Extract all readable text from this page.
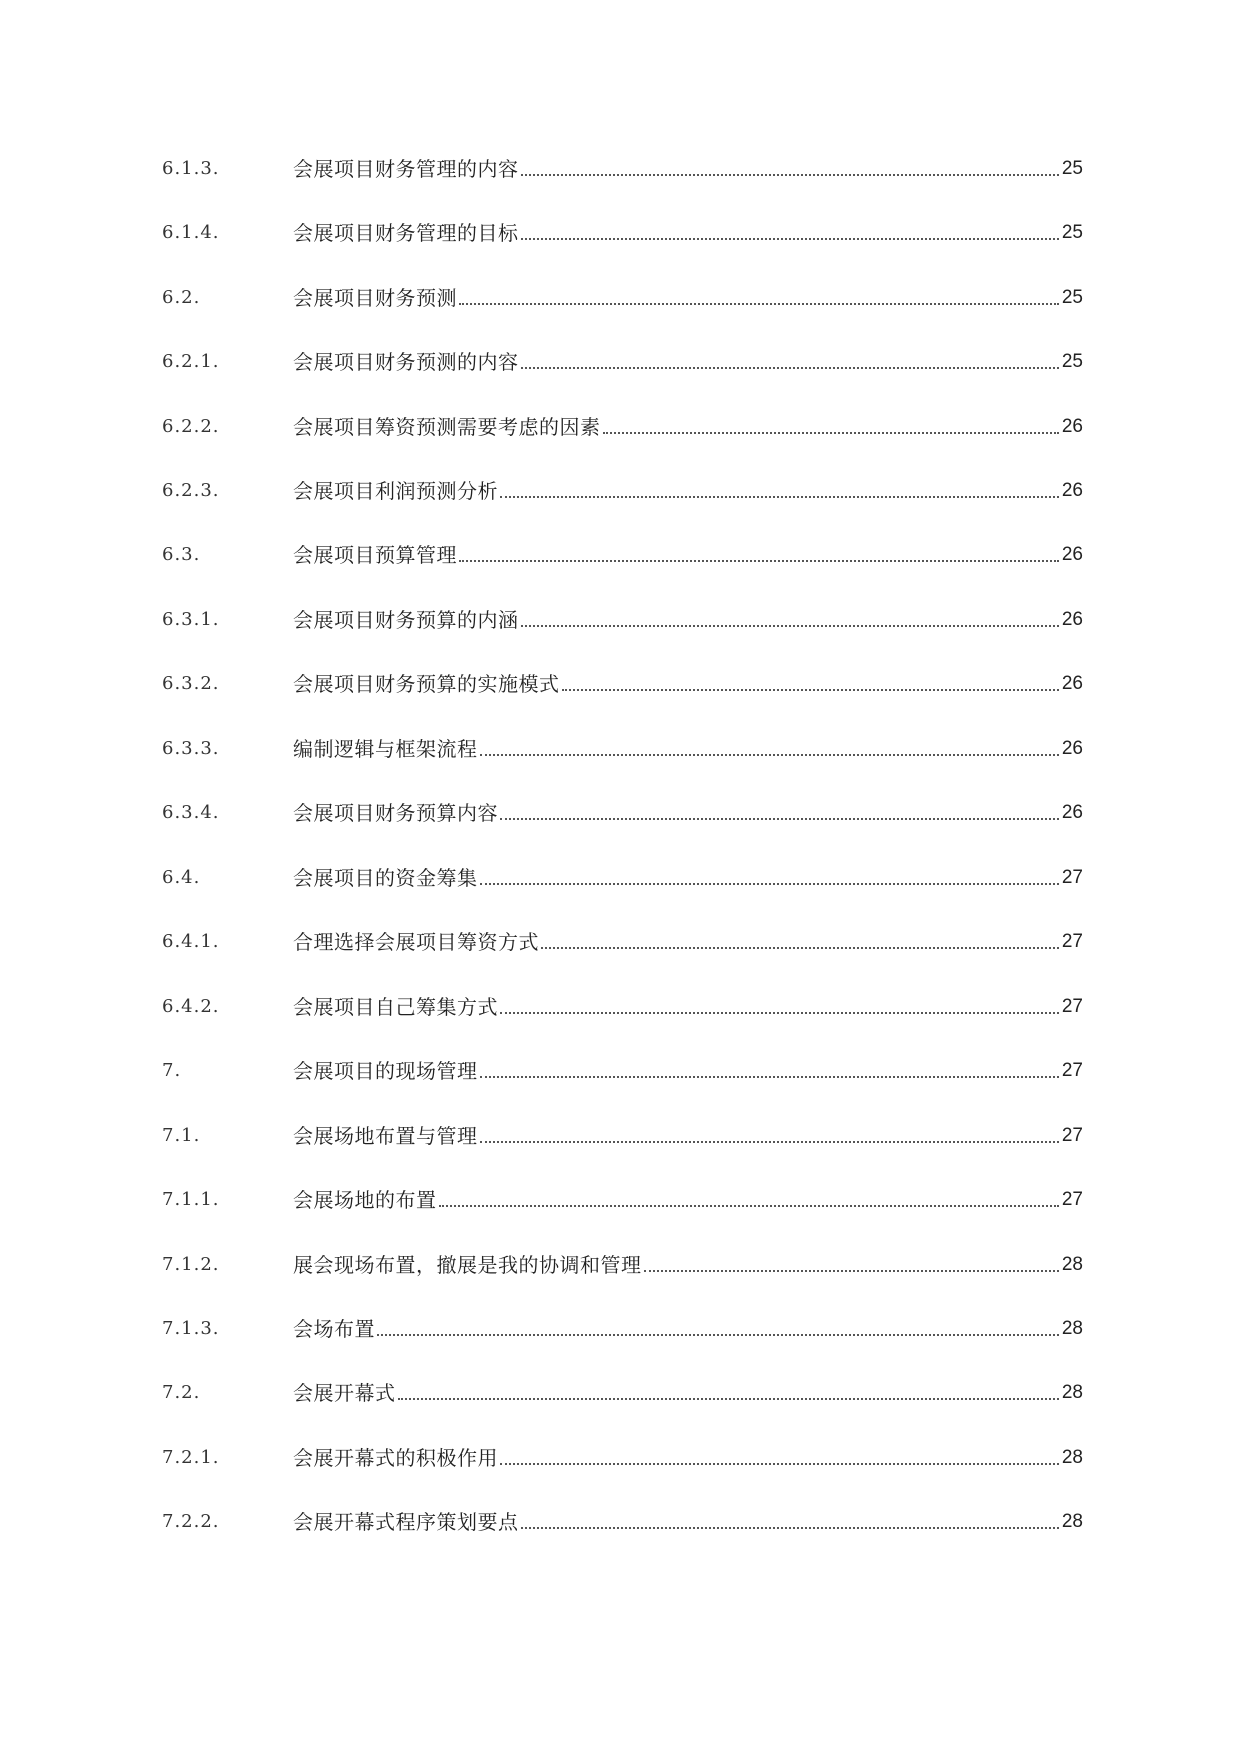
6.1.3.	会展项目财务管理的内容	25
6.1.4.	会展项目财务管理的目标	25
6.2.	会展项目财务预测	25
6.2.1.	会展项目财务预测的内容	25
6.2.2.	会展项目筹资预测需要考虑的因素	26
6.2.3.	会展项目利润预测分析	26
6.3.	会展项目预算管理	26
6.3.1.	会展项目财务预算的内涵	26
6.3.2.	会展项目财务预算的实施模式	26
6.3.3.	编制逻辑与框架流程	26
6.3.4.	会展项目财务预算内容	26
6.4.	会展项目的资金筹集	27
6.4.1.	合理选择会展项目筹资方式	27
6.4.2.	会展项目自己筹集方式	27
7.	会展项目的现场管理	27
7.1.	会展场地布置与管理	27
7.1.1.	会展场地的布置	27
7.1.2.	展会现场布置，撤展是我的协调和管理	28
7.1.3.	会场布置	28
7.2.	会展开幕式	28
7.2.1.	会展开幕式的积极作用	28
7.2.2.	会展开幕式程序策划要点	28
